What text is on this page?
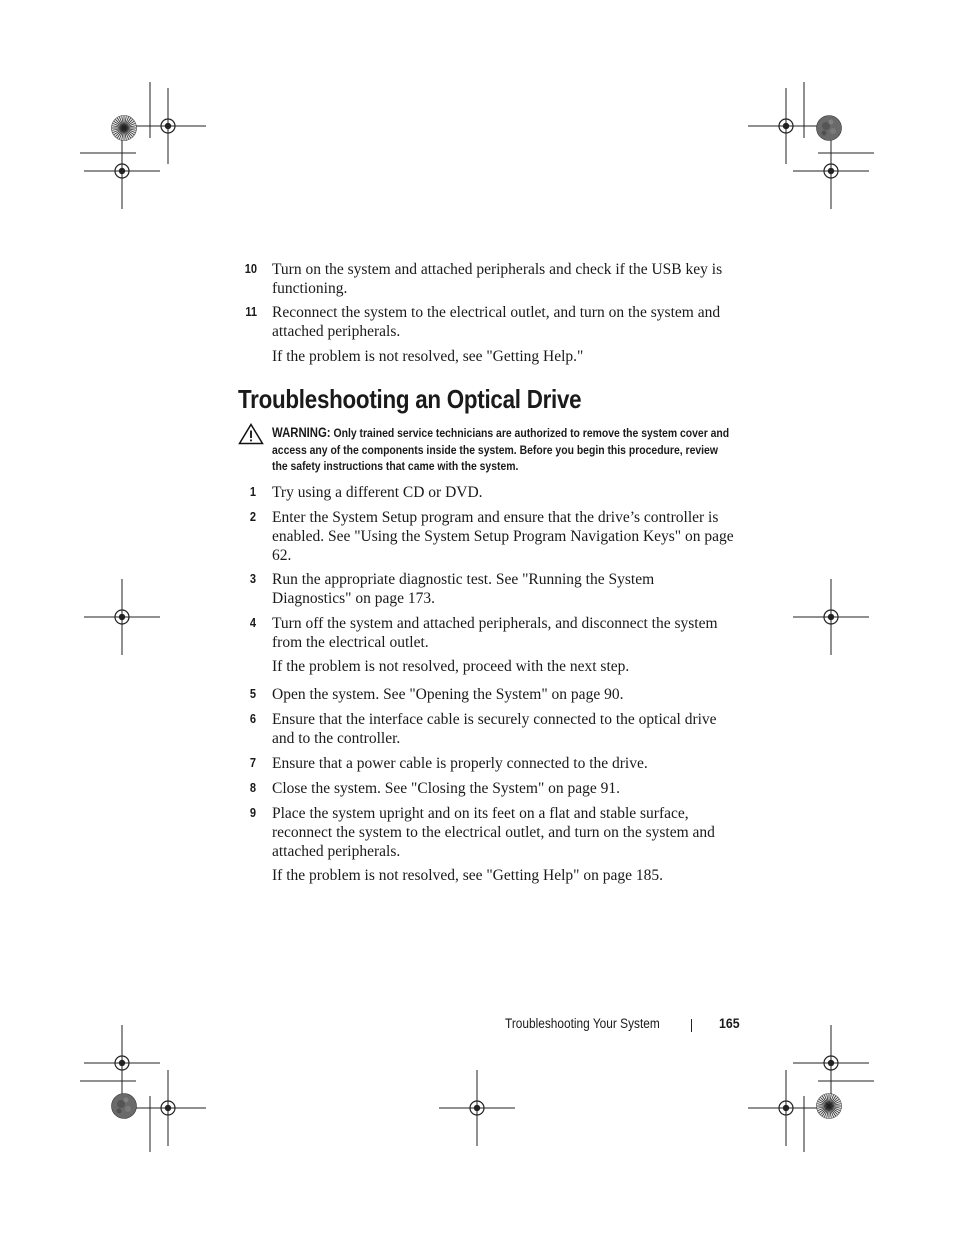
10 Turn on the system and attached peripherals and check if the USB key is functioning.
11 Reconnect the system to the electrical outlet, and turn on the system and attached peripherals.
If the problem is not resolved, see "Getting Help."
Troubleshooting an Optical Drive
WARNING: Only trained service technicians are authorized to remove the system cover and access any of the components inside the system. Before you begin this procedure, review the safety instructions that came with the system.
1 Try using a different CD or DVD.
2 Enter the System Setup program and ensure that the drive’s controller is enabled. See "Using the System Setup Program Navigation Keys" on page 62.
3 Run the appropriate diagnostic test. See "Running the System Diagnostics" on page 173.
4 Turn off the system and attached peripherals, and disconnect the system from the electrical outlet.
If the problem is not resolved, proceed with the next step.
5 Open the system. See "Opening the System" on page 90.
6 Ensure that the interface cable is securely connected to the optical drive and to the controller.
7 Ensure that a power cable is properly connected to the drive.
8 Close the system. See "Closing the System" on page 91.
9 Place the system upright and on its feet on a flat and stable surface, reconnect the system to the electrical outlet, and turn on the system and attached peripherals.
If the problem is not resolved, see "Getting Help" on page 185.
Troubleshooting Your System	165
